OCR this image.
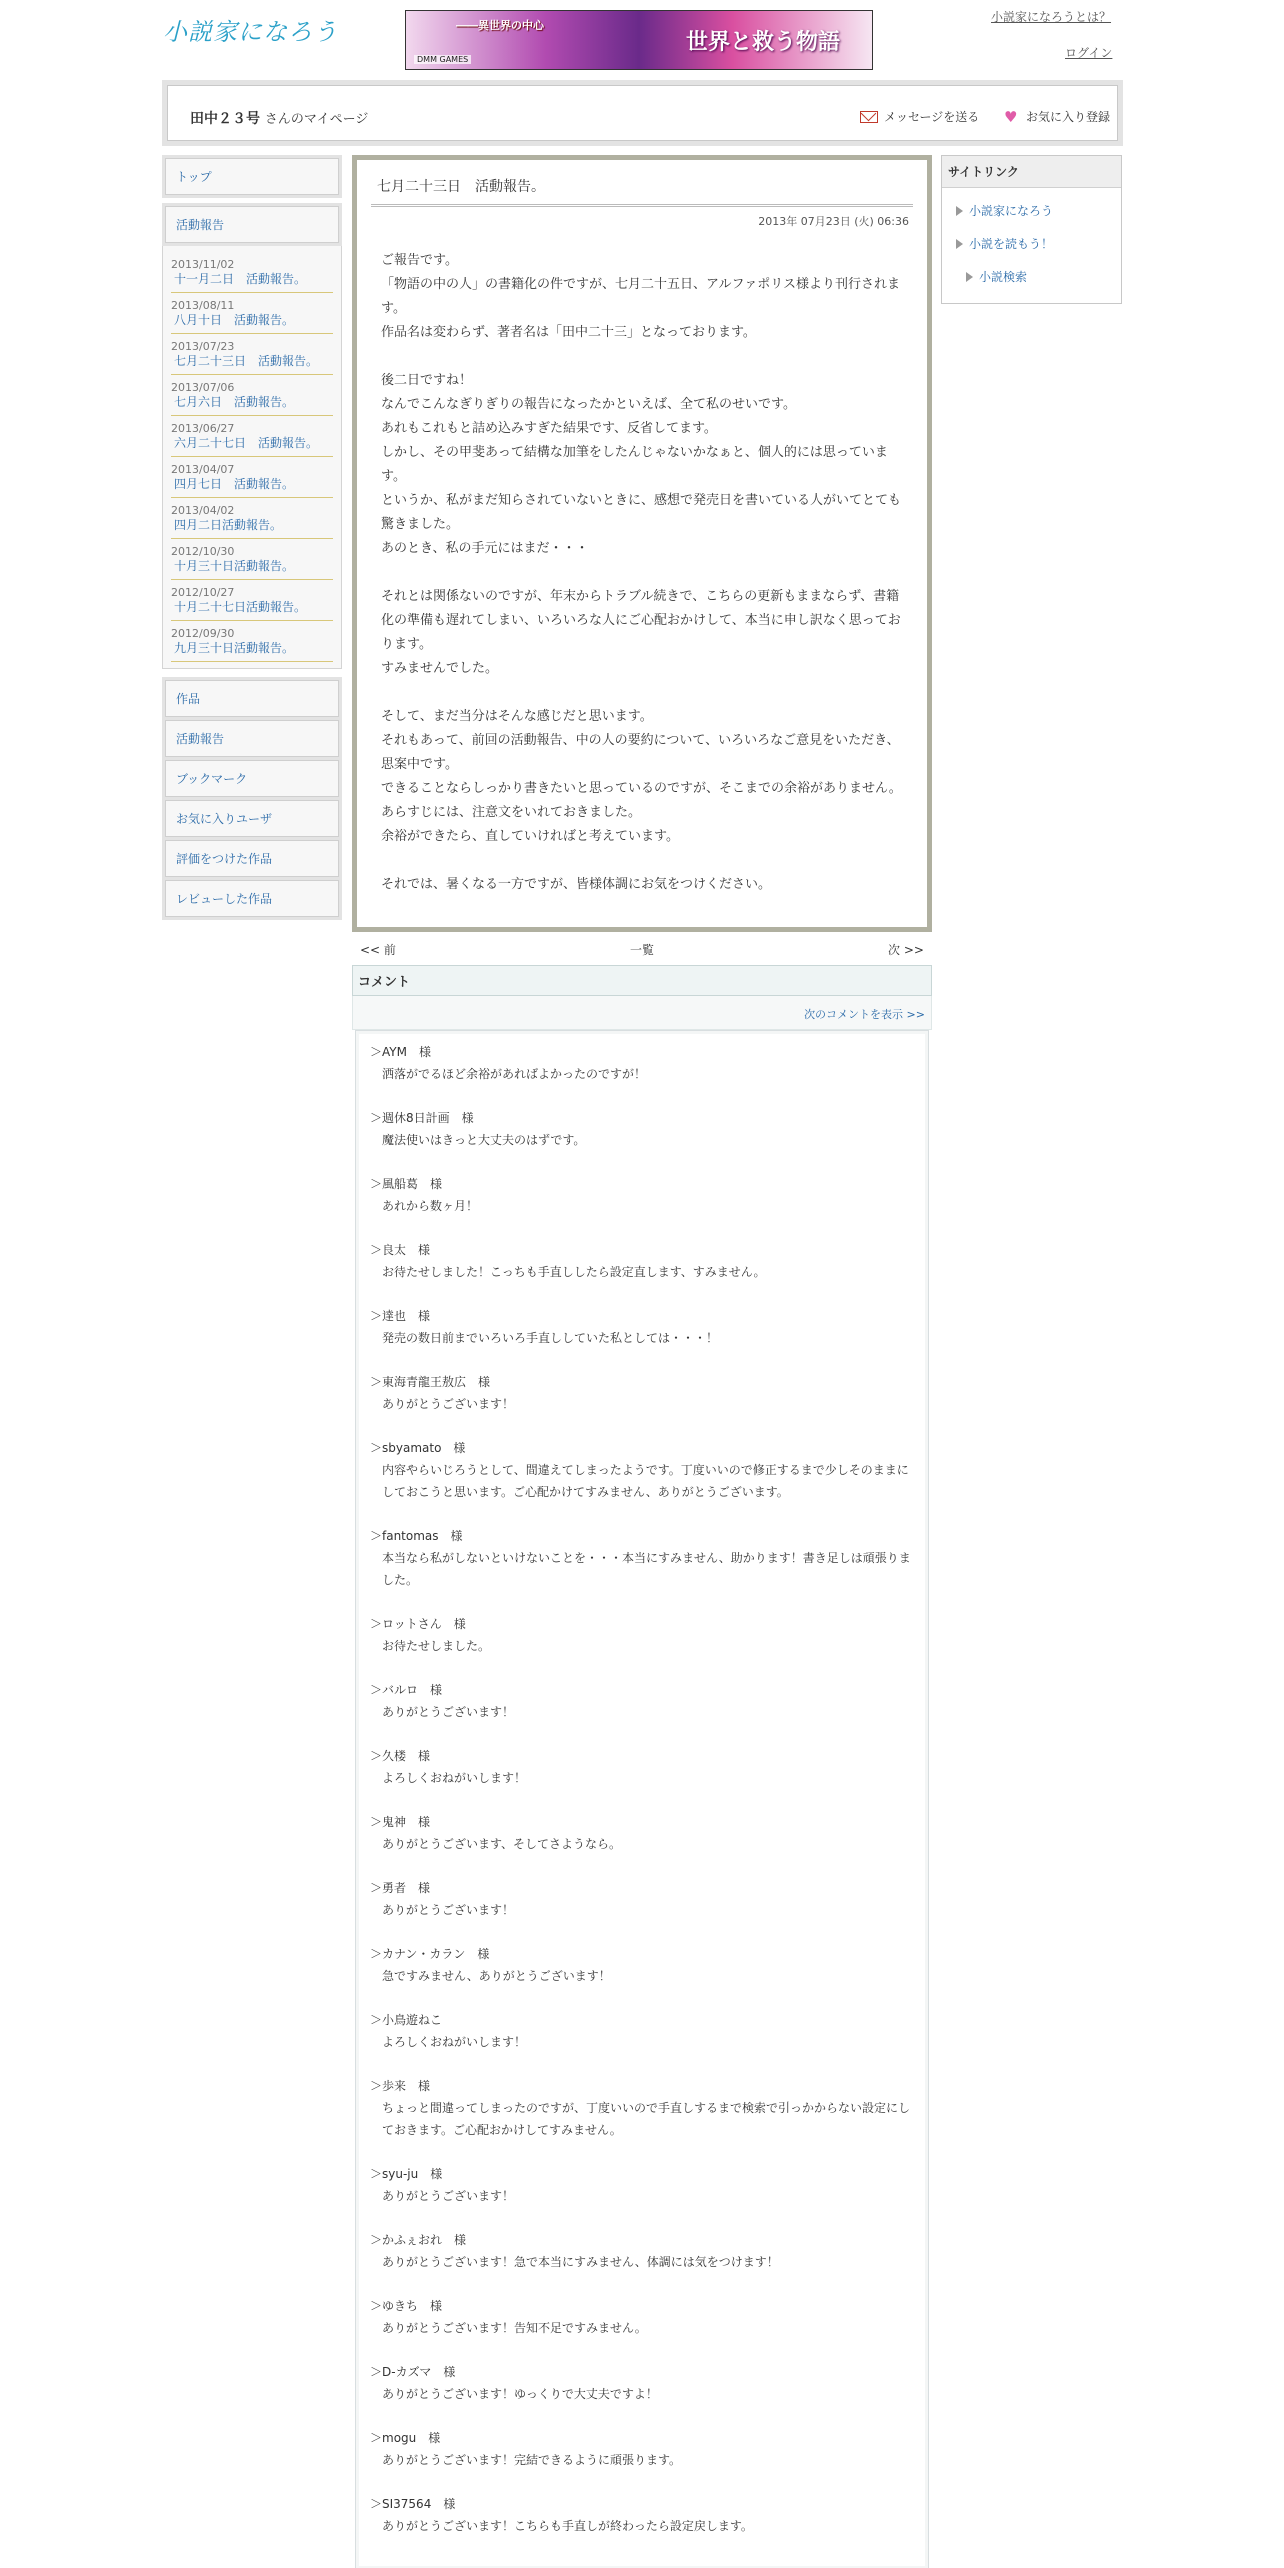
小説家になろう	――異世界の中心
世界と救う物語
DMM GAMES
小説家になろうとは？
ログイン
田中２３号 さんのマイページ	メッセージを送る ♥ お気に入り登録
トップ
活動報告
2013/11/02
十一月二日　活動報告。
2013/08/11
八月十日　活動報告。
2013/07/23
七月二十三日　活動報告。
2013/07/06
七月六日　活動報告。
2013/06/27
六月二十七日　活動報告。
2013/04/07
四月七日　活動報告。
2013/04/02
四月二日活動報告。
2012/10/30
十月三十日活動報告。
2012/10/27
十月二十七日活動報告。
2012/09/30
九月三十日活動報告。
作品
活動報告
ブックマーク
お気に入りユーザ
評価をつけた作品
レビューした作品
七月二十三日　活動報告。
2013年 07月23日 (火) 06:36

ご報告です。

「物語の中の人」の書籍化の件ですが、七月二十五日、アルファポリス様より刊行されます。

作品名は変わらず、著者名は「田中二十三」となっております。

後二日ですね！

なんでこんなぎりぎりの報告になったかといえば、全て私のせいです。

あれもこれもと詰め込みすぎた結果です、反省してます。

しかし、その甲斐あって結構な加筆をしたんじゃないかなぁと、個人的には思っています。

というか、私がまだ知らされていないときに、感想で発売日を書いている人がいてとても驚きました。

あのとき、私の手元にはまだ・・・

それとは関係ないのですが、年末からトラブル続きで、こちらの更新もままならず、書籍化の準備も遅れてしまい、いろいろな人にご心配おかけして、本当に申し訳なく思っております。

すみませんでした。

そして、まだ当分はそんな感じだと思います。

それもあって、前回の活動報告、中の人の要約について、いろいろなご意見をいただき、思案中です。

できることならしっかり書きたいと思っているのですが、そこまでの余裕がありません。

あらすじには、注意文をいれておきました。

余裕ができたら、直していければと考えています。

それでは、暑くなる一方ですが、皆様体調にお気をつけください。

<< 前	一覧	次 >>
コメント
次のコメントを表示 >>
＞AYM　様
洒落がでるほど余裕があればよかったのですが！
＞週休8日計画　様
魔法使いはきっと大丈夫のはずです。
＞風船葛　様
あれから数ヶ月！
＞良太　様
お待たせしました！こっちも手直ししたら設定直します、すみません。
＞達也　様
発売の数日前までいろいろ手直ししていた私としては・・・！
＞東海青龍王敖広　様
ありがとうございます！
＞sbyamato　様
内容やらいじろうとして、間違えてしまったようです。丁度いいので修正するまで少しそのままにしておこうと思います。ご心配かけてすみません、ありがとうございます。
＞fantomas　様
本当なら私がしないといけないことを・・・本当にすみません、助かります！書き足しは頑張りました。
＞ロットさん　様
お待たせしました。
＞バルロ　様
ありがとうございます！
＞久楼　様
よろしくおねがいします！
＞鬼神　様
ありがとうございます、そしてさようなら。
＞勇者　様
ありがとうございます！
＞カナン・カラン　様
急ですみません、ありがとうございます！
＞小鳥遊ねこ　
よろしくおねがいします！
＞歩来　様
ちょっと間違ってしまったのですが、丁度いいので手直しするまで検索で引っかからない設定にしておきます。ご心配おかけしてすみません。
＞syu-ju　様
ありがとうございます！
＞かふぇおれ　様
ありがとうございます！急で本当にすみません、体調には気をつけます！
＞ゆきち　様
ありがとうございます！告知不足ですみません。
＞D-カズマ　様
ありがとうございます！ゆっくりで大丈夫ですよ！
＞mogu　様
ありがとうございます！完結できるように頑張ります。
＞SI37564　様
ありがとうございます！こちらも手直しが終わったら設定戻します。
サイトリンク
小説家になろう
小説を読もう！
小説検索
